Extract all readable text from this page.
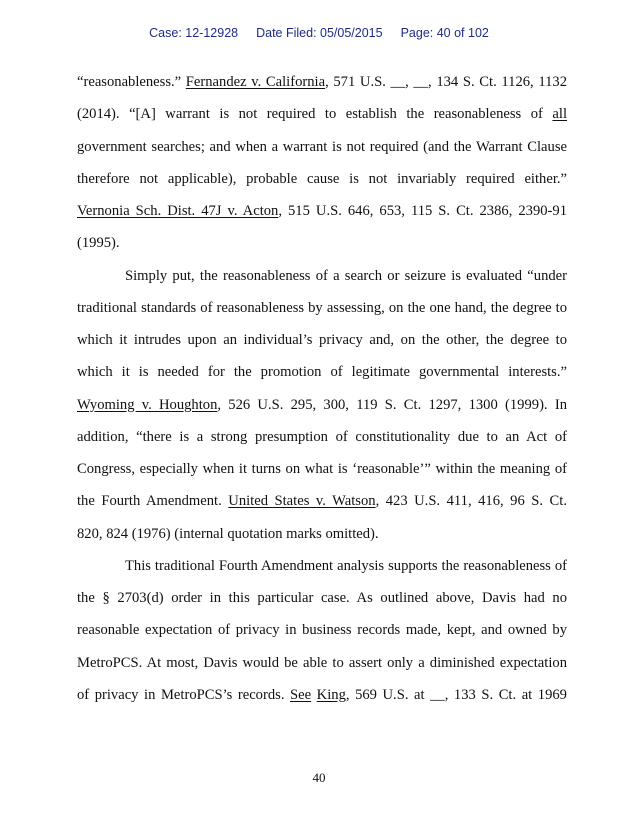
Case: 12-12928 Date Filed: 05/05/2015 Page: 40 of 102
“reasonableness.” Fernandez v. California, 571 U.S. __, __, 134 S. Ct. 1126, 1132
(2014). “[A] warrant is not required to establish the reasonableness of all
government searches; and when a warrant is not required (and the Warrant Clause
therefore not applicable), probable cause is not invariably required either.”
Vernonia Sch. Dist. 47J v. Acton, 515 U.S. 646, 653, 115 S. Ct. 2386, 2390-91
(1995).
Simply put, the reasonableness of a search or seizure is evaluated “under
traditional standards of reasonableness by assessing, on the one hand, the degree to
which it intrudes upon an individual’s privacy and, on the other, the degree to
which it is needed for the promotion of legitimate governmental interests.”
Wyoming v. Houghton, 526 U.S. 295, 300, 119 S. Ct. 1297, 1300 (1999). In
addition, “there is a strong presumption of constitutionality due to an Act of
Congress, especially when it turns on what is ‘reasonable’” within the meaning of
the Fourth Amendment. United States v. Watson, 423 U.S. 411, 416, 96 S. Ct.
820, 824 (1976) (internal quotation marks omitted).
This traditional Fourth Amendment analysis supports the reasonableness of
the § 2703(d) order in this particular case. As outlined above, Davis had no
reasonable expectation of privacy in business records made, kept, and owned by
MetroPCS. At most, Davis would be able to assert only a diminished expectation
of privacy in MetroPCS’s records. See King, 569 U.S. at __, 133 S. Ct. at 1969
40
